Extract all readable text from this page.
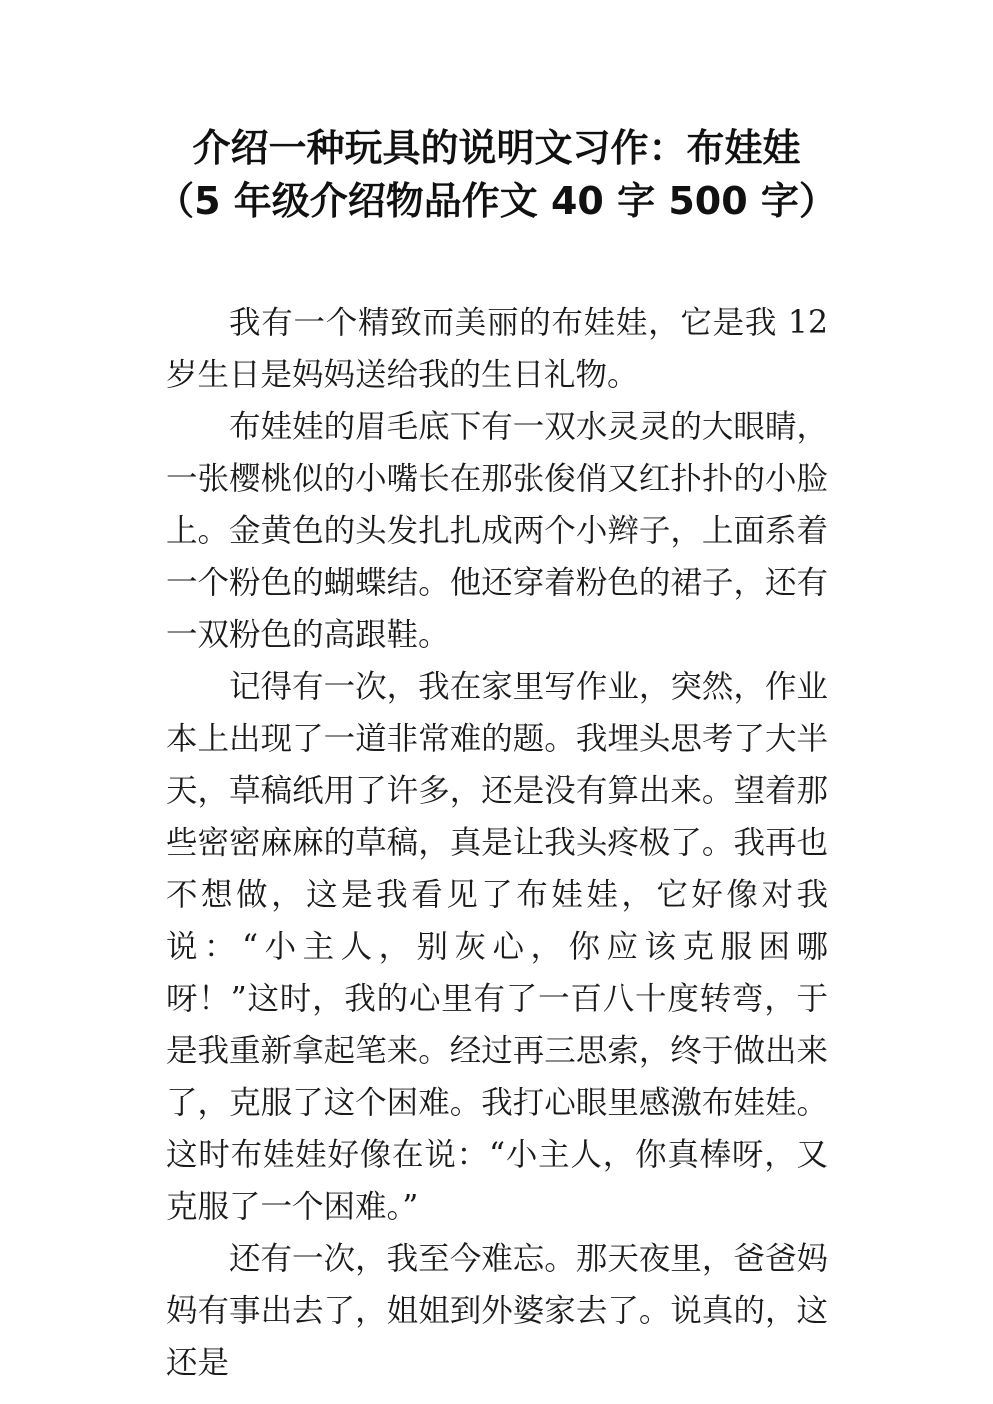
介绍一种玩具的说明文习作：布娃娃
（5 年级介绍物品作文 40 字 500 字）

我有一个精致而美丽的布娃娃，它是我 12 岁生日是妈妈送给我的生日礼物。

布娃娃的眉毛底下有一双水灵灵的大眼睛，一张樱桃似的小嘴长在那张俊俏又红扑扑的小脸上。金黄色的头发扎扎成两个小辫子，上面系着一个粉色的蝴蝶结。他还穿着粉色的裙子，还有一双粉色的高跟鞋。

记得有一次，我在家里写作业，突然，作业本上出现了一道非常难的题。我埋头思考了大半天，草稿纸用了许多，还是没有算出来。望着那些密密麻麻的草稿，真是让我头疼极了。我再也不想做，这是我看见了布娃娃，它好像对我说：“小主人，别灰心，你应该克服困哪呀！”这时，我的心里有了一百八十度转弯，于是我重新拿起笔来。经过再三思索，终于做出来了，克服了这个困难。我打心眼里感激布娃娃。这时布娃娃好像在说：“小主人，你真棒呀，又克服了一个困难。”

还有一次，我至今难忘。那天夜里，爸爸妈妈有事出去了，姐姐到外婆家去了。说真的，这还是
